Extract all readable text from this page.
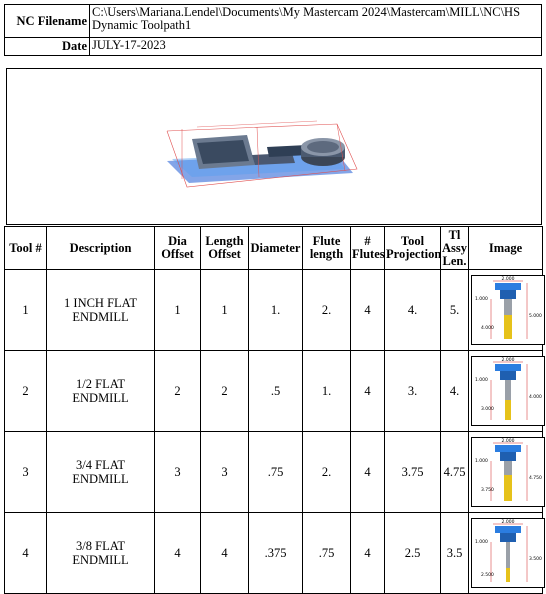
NC Filename	C:\Users\Mariana.Lendel\Documents\My Mastercam 2024\Mastercam\MILL\NC\HS Dynamic Toolpath1
Date	JULY-17-2023
Tool #	Description	Dia Offset	Length Offset	Diameter	Flute length	# Flutes	Tool Projection	Tl Assy Len.	Image
1	1 INCH FLAT ENDMILL	1	1	1.	2.	4	4.	5.	2.000
1.000
5.000
4.000

2	1/2 FLAT ENDMILL	2	2	.5	1.	4	3.	4.	2.000
1.000
4.000
3.000

3	3/4 FLAT ENDMILL	3	3	.75	2.	4	3.75	4.75	2.000
1.000
4.750
3.750

4	3/8 FLAT ENDMILL	4	4	.375	.75	4	2.5	3.5	2.000
1.000
3.500
2.500
